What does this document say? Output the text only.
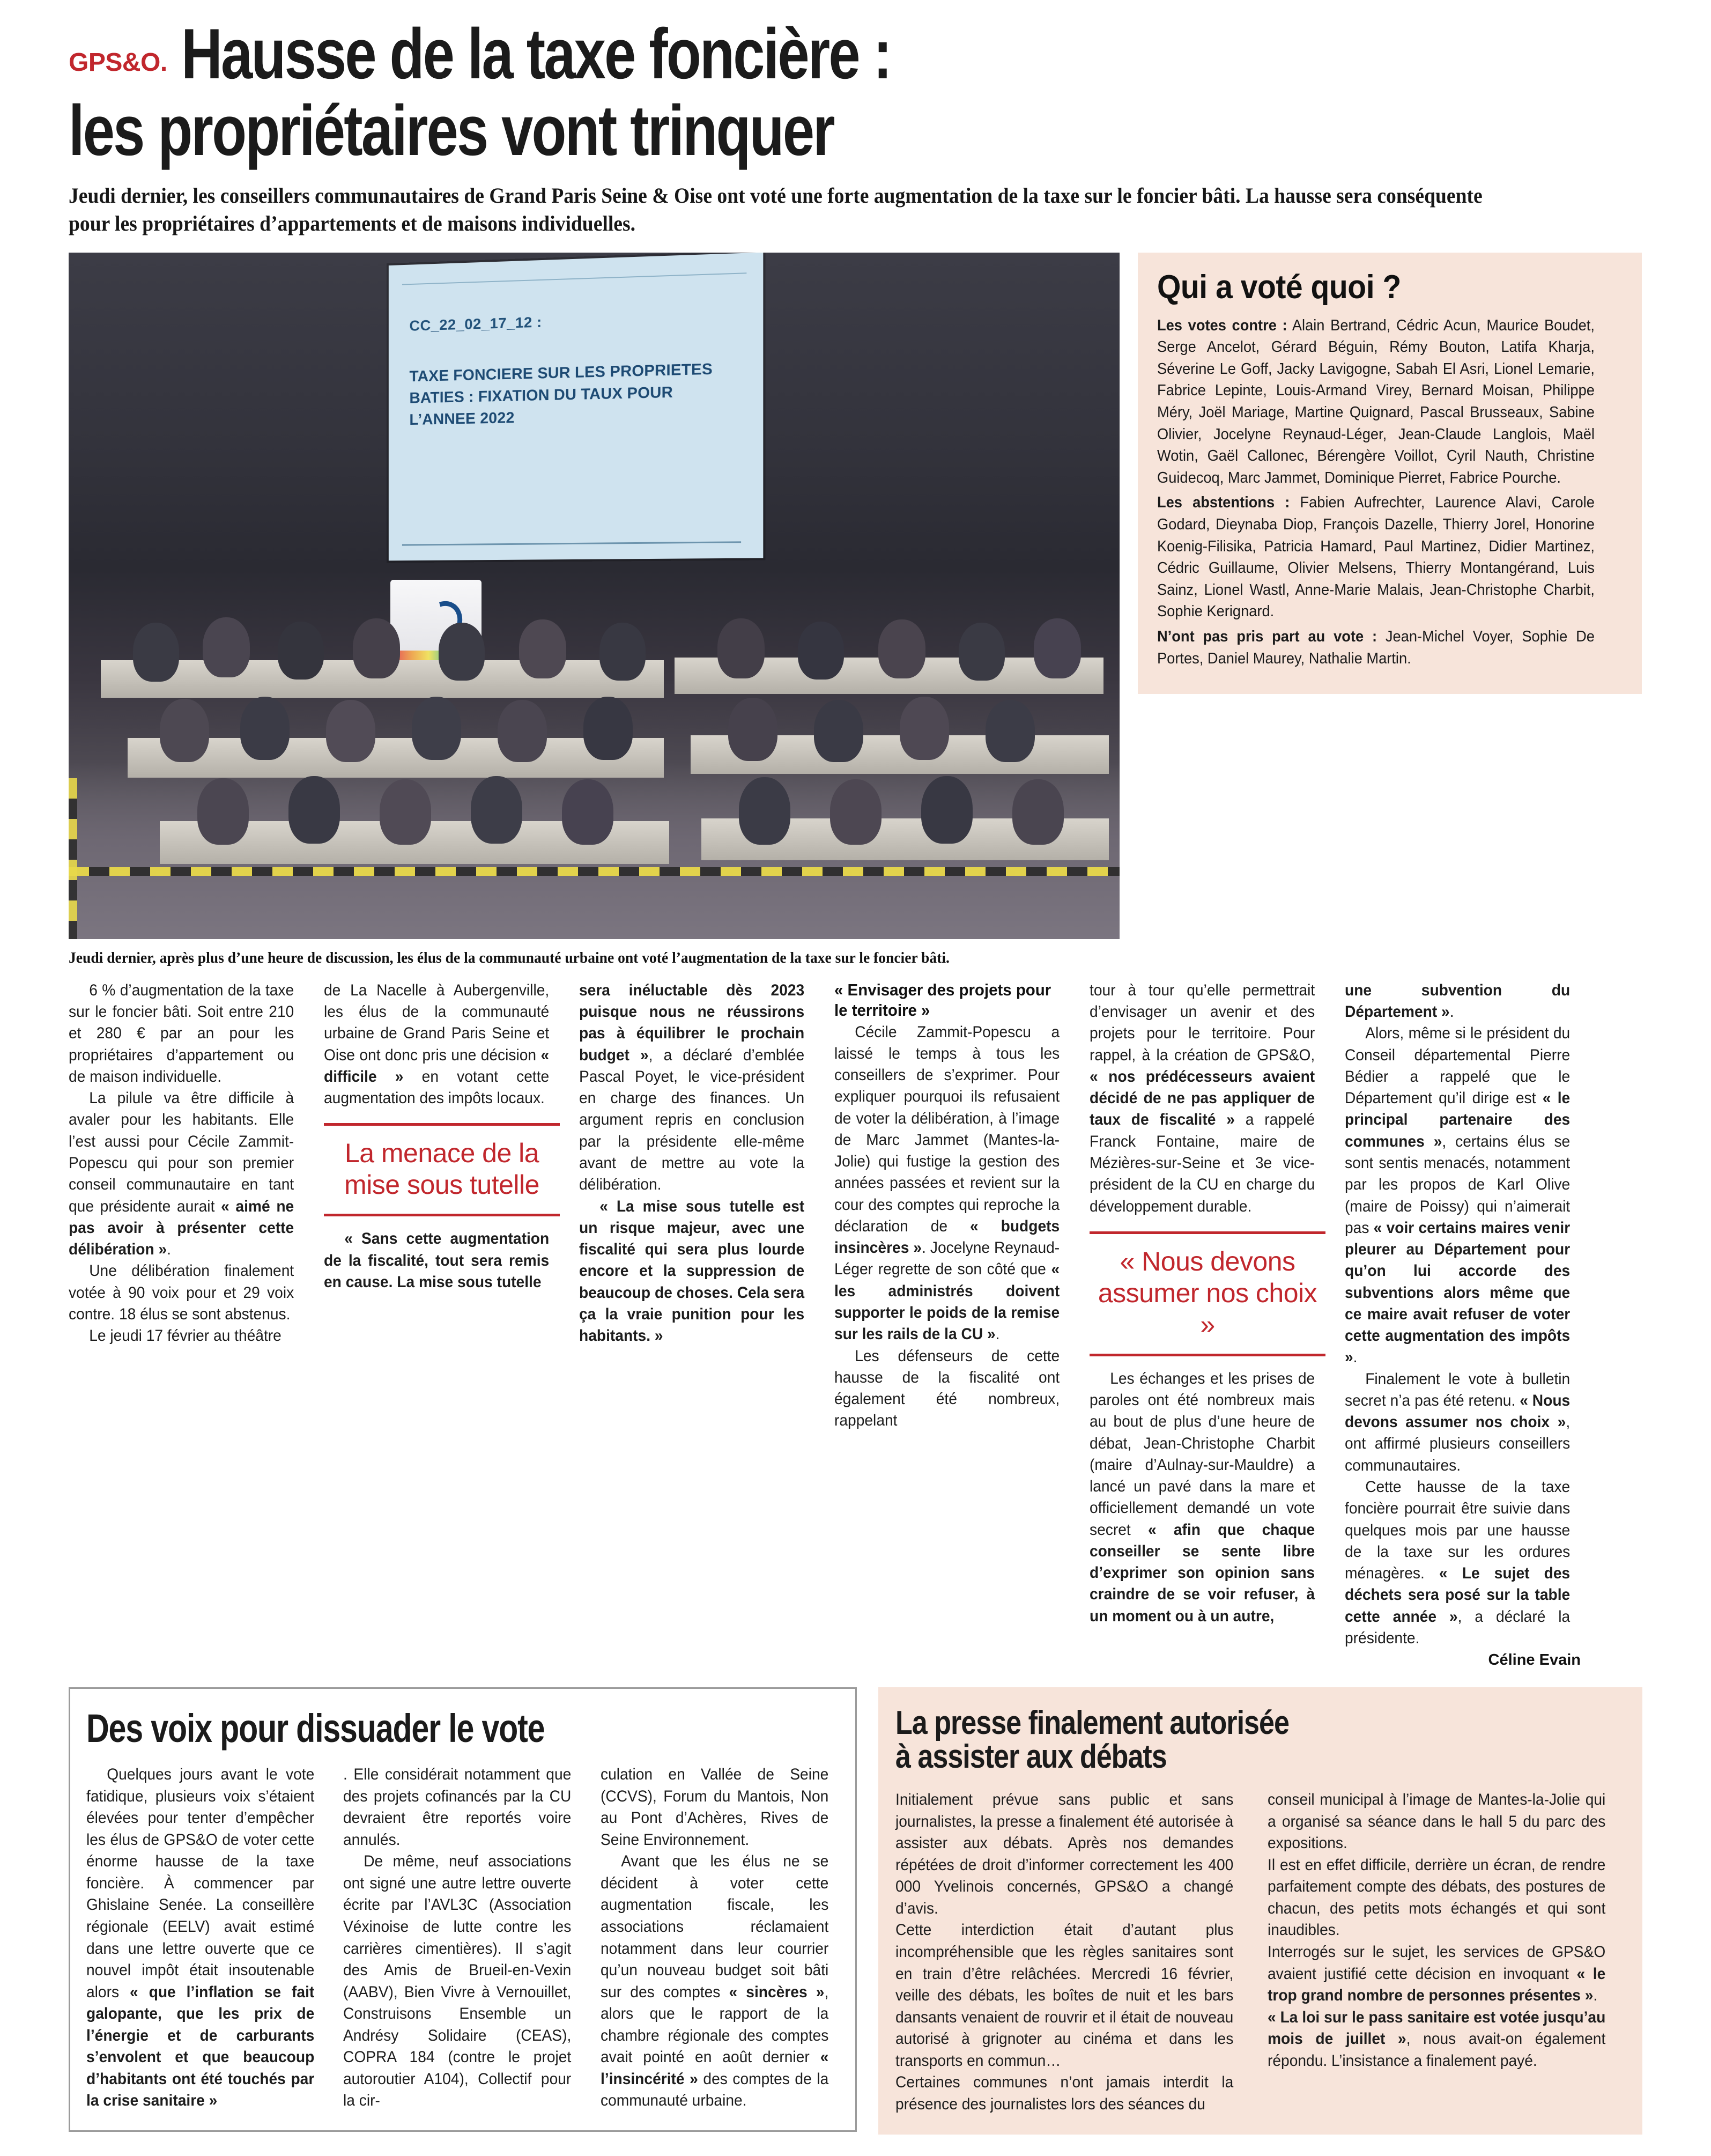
GPS&O. Hausse de la taxe foncière :
les propriétaires vont trinquer
Jeudi dernier, les conseillers communautaires de Grand Paris Seine & Oise ont voté une forte augmentation de la taxe sur le foncier bâti. La hausse sera conséquente pour les propriétaires d’appartements et de maisons individuelles.
CC_22_02_17_12 :
TAXE FONCIERE SUR LES PROPRIETES BATIES : FIXATION DU TAUX POUR L’ANNEE 2022
Jeudi dernier, après plus d’une heure de discussion, les élus de la communauté urbaine ont voté l’augmentation de la taxe sur le foncier bâti.
Qui a voté quoi ?

Les votes contre : Alain Bertrand, Cédric Acun, Maurice Boudet, Serge Ancelot, Gérard Béguin, Rémy Bouton, Latifa Kharja, Séverine Le Goff, Jacky Lavigogne, Sabah El Asri, Lionel Lemarie, Fabrice Lepinte, Louis-Armand Virey, Bernard Moisan, Philippe Méry, Joël Mariage, Martine Quignard, Pascal Brusseaux, Sabine Olivier, Jocelyne Reynaud-Léger, Jean-Claude Langlois, Maël Wotin, Gaël Callonec, Bérengère Voillot, Cyril Nauth, Christine Guidecoq, Marc Jammet, Dominique Pierret, Fabrice Pourche.

Les abstentions : Fabien Aufrechter, Laurence Alavi, Carole Godard, Dieynaba Diop, François Dazelle, Thierry Jorel, Honorine Koenig-Filisika, Patricia Hamard, Paul Martinez, Didier Martinez, Cédric Guillaume, Olivier Melsens, Thierry Montangérand, Luis Sainz, Lionel Wastl, Anne-Marie Malais, Jean-Christophe Charbit, Sophie Kerignard.

N’ont pas pris part au vote : Jean-Michel Voyer, Sophie De Portes, Daniel Maurey, Nathalie Martin.

6 % d’augmentation de la taxe sur le foncier bâti. Soit entre 210 et 280 € par an pour les propriétaires d’appartement ou de maison individuelle.

La pilule va être difficile à avaler pour les habitants. Elle l’est aussi pour Cécile Zammit-Popescu qui pour son premier conseil communautaire en tant que présidente aurait « aimé ne pas avoir à présenter cette délibération ».

Une délibération finalement votée à 90 voix pour et 29 voix contre. 18 élus se sont abstenus.

Le jeudi 17 février au théâtre

de La Nacelle à Aubergenville, les élus de la communauté urbaine de Grand Paris Seine et Oise ont donc pris une décision « difficile » en votant cette augmentation des impôts locaux.

La menace de la mise sous tutelle

« Sans cette augmentation de la fiscalité, tout sera remis en cause. La mise sous tutelle

sera inéluctable dès 2023 puisque nous ne réussirons pas à équilibrer le prochain budget », a déclaré d’emblée Pascal Poyet, le vice-président en charge des finances. Un argument repris en conclusion par la présidente elle-même avant de mettre au vote la délibération.

« La mise sous tutelle est un risque majeur, avec une fiscalité qui sera plus lourde encore et la suppression de beaucoup de choses. Cela sera ça la vraie punition pour les habitants. »

« Envisager des projets pour le territoire »

Cécile Zammit-Popescu a laissé le temps à tous les conseillers de s’exprimer. Pour expliquer pourquoi ils refusaient de voter la délibération, à l’image de Marc Jammet (Mantes-la-Jolie) qui fustige la gestion des années passées et revient sur la cour des comptes qui reproche la déclaration de « budgets insincères ». Jocelyne Reynaud-Léger regrette de son côté que « les administrés doivent supporter le poids de la remise sur les rails de la CU ».

Les défenseurs de cette hausse de la fiscalité ont également été nombreux, rappelant

tour à tour qu’elle permettrait d’envisager un avenir et des projets pour le territoire. Pour rappel, à la création de GPS&O, « nos prédécesseurs avaient décidé de ne pas appliquer de taux de fiscalité » a rappelé Franck Fontaine, maire de Mézières-sur-Seine et 3e vice-président de la CU en charge du développement durable.

« Nous devons assumer nos choix »

Les échanges et les prises de paroles ont été nombreux mais au bout de plus d’une heure de débat, Jean-Christophe Charbit (maire d’Aulnay-sur-Mauldre) a lancé un pavé dans la mare et officiellement demandé un vote secret « afin que chaque conseiller se sente libre d’exprimer son opinion sans craindre de se voir refuser, à un moment ou à un autre,

une subvention du Département ».

Alors, même si le président du Conseil départemental Pierre Bédier a rappelé que le Département qu’il dirige est « le principal partenaire des communes », certains élus se sont sentis menacés, notamment par les propos de Karl Olive (maire de Poissy) qui n’aimerait pas « voir certains maires venir pleurer au Département pour qu’on lui accorde des subventions alors même que ce maire avait refuser de voter cette augmentation des impôts ».

Finalement le vote à bulletin secret n’a pas été retenu. « Nous devons assumer nos choix », ont affirmé plusieurs conseillers communautaires.

Cette hausse de la taxe foncière pourrait être suivie dans quelques mois par une hausse de la taxe sur les ordures ménagères. « Le sujet des déchets sera posé sur la table cette année », a déclaré la présidente.

Céline Evain
Des voix pour dissuader le vote

Quelques jours avant le vote fatidique, plusieurs voix s’étaient élevées pour tenter d’empêcher les élus de GPS&O de voter cette énorme hausse de la taxe foncière. À commencer par Ghislaine Senée. La conseillère régionale (EELV) avait estimé dans une lettre ouverte que ce nouvel impôt était insoutenable alors « que l’inflation se fait galopante, que les prix de l’énergie et de carburants s’envolent et que beaucoup d’habitants ont été touchés par la crise sanitaire »

. Elle considérait notamment que des projets cofinancés par la CU devraient être reportés voire annulés.

De même, neuf associations ont signé une autre lettre ouverte écrite par l’AVL3C (Association Véxinoise de lutte contre les carrières cimentières). Il s’agit des Amis de Brueil-en-Vexin (AABV), Bien Vivre à Vernouillet, Construisons Ensemble un Andrésy Solidaire (CEAS), COPRA 184 (contre le projet autoroutier A104), Collectif pour la cir-

culation en Vallée de Seine (CCVS), Forum du Mantois, Non au Pont d’Achères, Rives de Seine Environnement.

Avant que les élus ne se décident à voter cette augmentation fiscale, les associations réclamaient notamment dans leur courrier qu’un nouveau budget soit bâti sur des comptes « sincères », alors que le rapport de la chambre régionale des comptes avait pointé en août dernier « l’insincérité » des comptes de la communauté urbaine.

La presse finalement autorisée
à assister aux débats

Initialement prévue sans public et sans journalistes, la presse a finalement été autorisée à assister aux débats. Après nos demandes répétées de droit d’informer correctement les 400 000 Yvelinois concernés, GPS&O a changé d’avis.

Cette interdiction était d’autant plus incompréhensible que les règles sanitaires sont en train d’être relâchées. Mercredi 16 février, veille des débats, les boîtes de nuit et les bars dansants venaient de rouvrir et il était de nouveau autorisé à grignoter au cinéma et dans les transports en commun…

Certaines communes n’ont jamais interdit la présence des journalistes lors des séances du

conseil municipal à l’image de Mantes-la-Jolie qui a organisé sa séance dans le hall 5 du parc des expositions.

Il est en effet difficile, derrière un écran, de rendre parfaitement compte des débats, des postures de chacun, des petits mots échangés et qui sont inaudibles.

Interrogés sur le sujet, les services de GPS&O avaient justifié cette décision en invoquant « le trop grand nombre de personnes présentes ».

« La loi sur le pass sanitaire est votée jusqu’au mois de juillet », nous avait-on également répondu. L’insistance a finalement payé.
